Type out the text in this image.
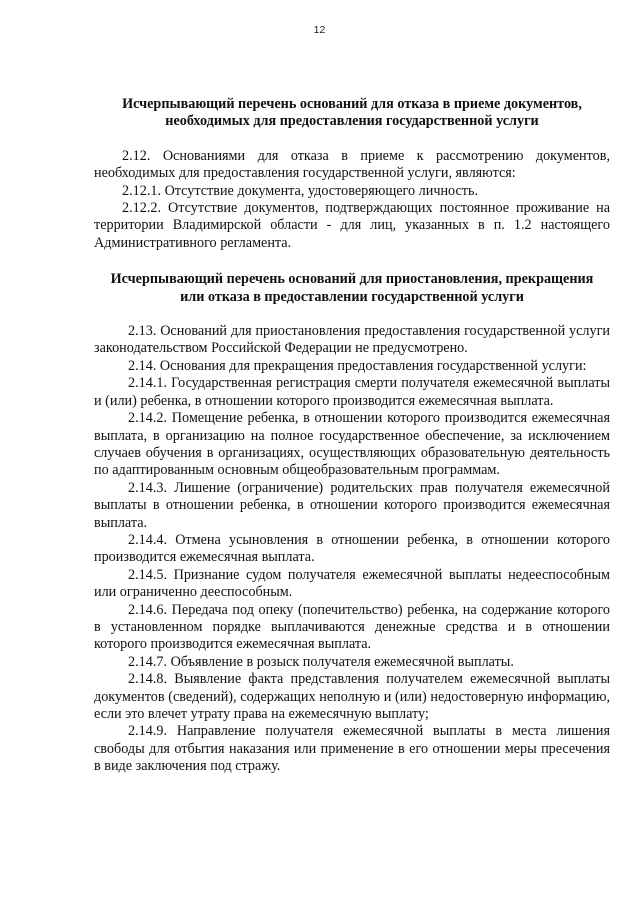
12

Исчерпывающий перечень оснований для отказа в приеме документов, необходимых для предоставления государственной услуги

2.12. Основаниями для отказа в приеме к рассмотрению документов, необходимых для предоставления государственной услуги, являются:

2.12.1. Отсутствие документа, удостоверяющего личность.

2.12.2. Отсутствие документов, подтверждающих постоянное проживание на территории Владимирской области - для лиц, указанных в п. 1.2 настоящего Административного регламента.

Исчерпывающий перечень оснований для приостановления, прекращения или отказа в предоставлении государственной услуги

2.13. Оснований для приостановления предоставления государственной услуги законодательством Российской Федерации не предусмотрено.

2.14. Основания для прекращения предоставления государственной услуги:

2.14.1. Государственная регистрация смерти получателя ежемесячной выплаты и (или) ребенка, в отношении которого производится ежемесячная выплата.

2.14.2. Помещение ребенка, в отношении которого производится ежемесячная выплата, в организацию на полное государственное обеспечение, за исключением случаев обучения в организациях, осуществляющих образовательную деятельность по адаптированным основным общеобразовательным программам.

2.14.3. Лишение (ограничение) родительских прав получателя ежемесячной выплаты в отношении ребенка, в отношении которого производится ежемесячная выплата.

2.14.4. Отмена усыновления в отношении ребенка, в отношении которого производится ежемесячная выплата.

2.14.5. Признание судом получателя ежемесячной выплаты недееспособным или ограниченно дееспособным.

2.14.6. Передача под опеку (попечительство) ребенка, на содержание которого в установленном порядке выплачиваются денежные средства и в отношении которого производится ежемесячная выплата.

2.14.7. Объявление в розыск получателя ежемесячной выплаты.

2.14.8. Выявление факта представления получателем ежемесячной выплаты документов (сведений), содержащих неполную и (или) недостоверную информацию, если это влечет утрату права на ежемесячную выплату;

2.14.9. Направление получателя ежемесячной выплаты в места лишения свободы для отбытия наказания или применение в его отношении меры пресечения в виде заключения под стражу.
